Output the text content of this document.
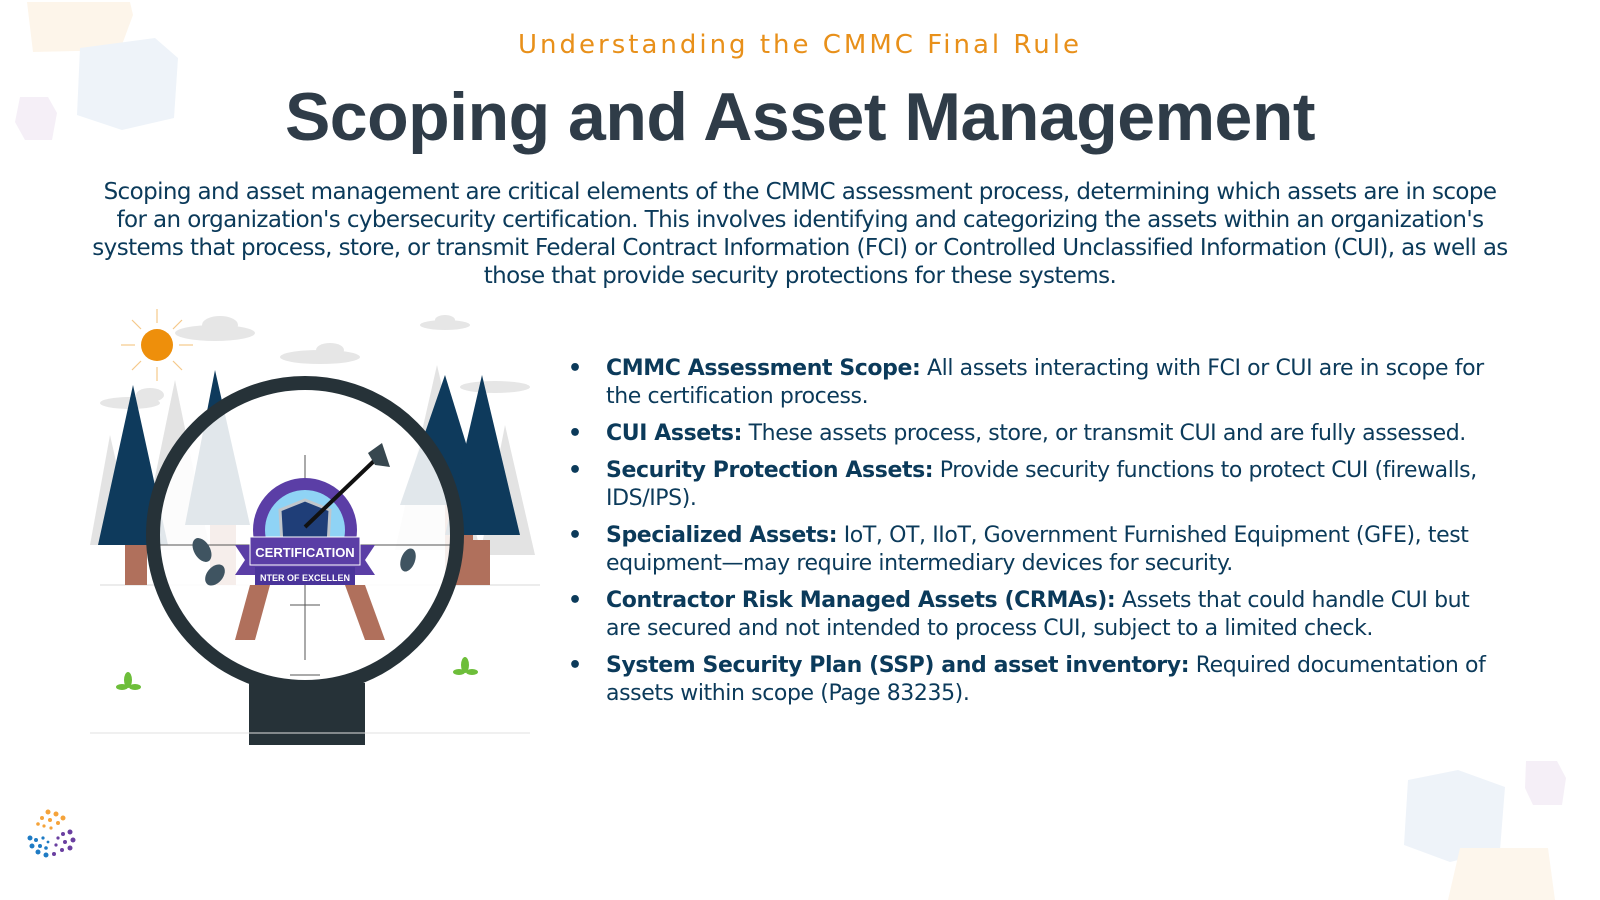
Understanding the CMMC Final Rule
Scoping and Asset Management
Scoping and asset management are critical elements of the CMMC assessment process, determining which assets are in scope for an organization's cybersecurity certification. This involves identifying and categorizing the assets within an organization's systems that process, store, or transmit Federal Contract Information (FCI) or Controlled Unclassified Information (CUI), as well as those that provide security protections for these systems.
CERTIFICATION
NTER OF EXCELLEN
• CMMC Assessment Scope: All assets interacting with FCI or CUI are in scope for the certification process.
• CUI Assets: These assets process, store, or transmit CUI and are fully assessed.
• Security Protection Assets: Provide security functions to protect CUI (firewalls, IDS/IPS).
• Specialized Assets: IoT, OT, IIoT, Government Furnished Equipment (GFE), test equipment—may require intermediary devices for security.
• Contractor Risk Managed Assets (CRMAs): Assets that could handle CUI but are secured and not intended to process CUI, subject to a limited check.
• System Security Plan (SSP) and asset inventory: Required documentation of assets within scope (Page 83235).
